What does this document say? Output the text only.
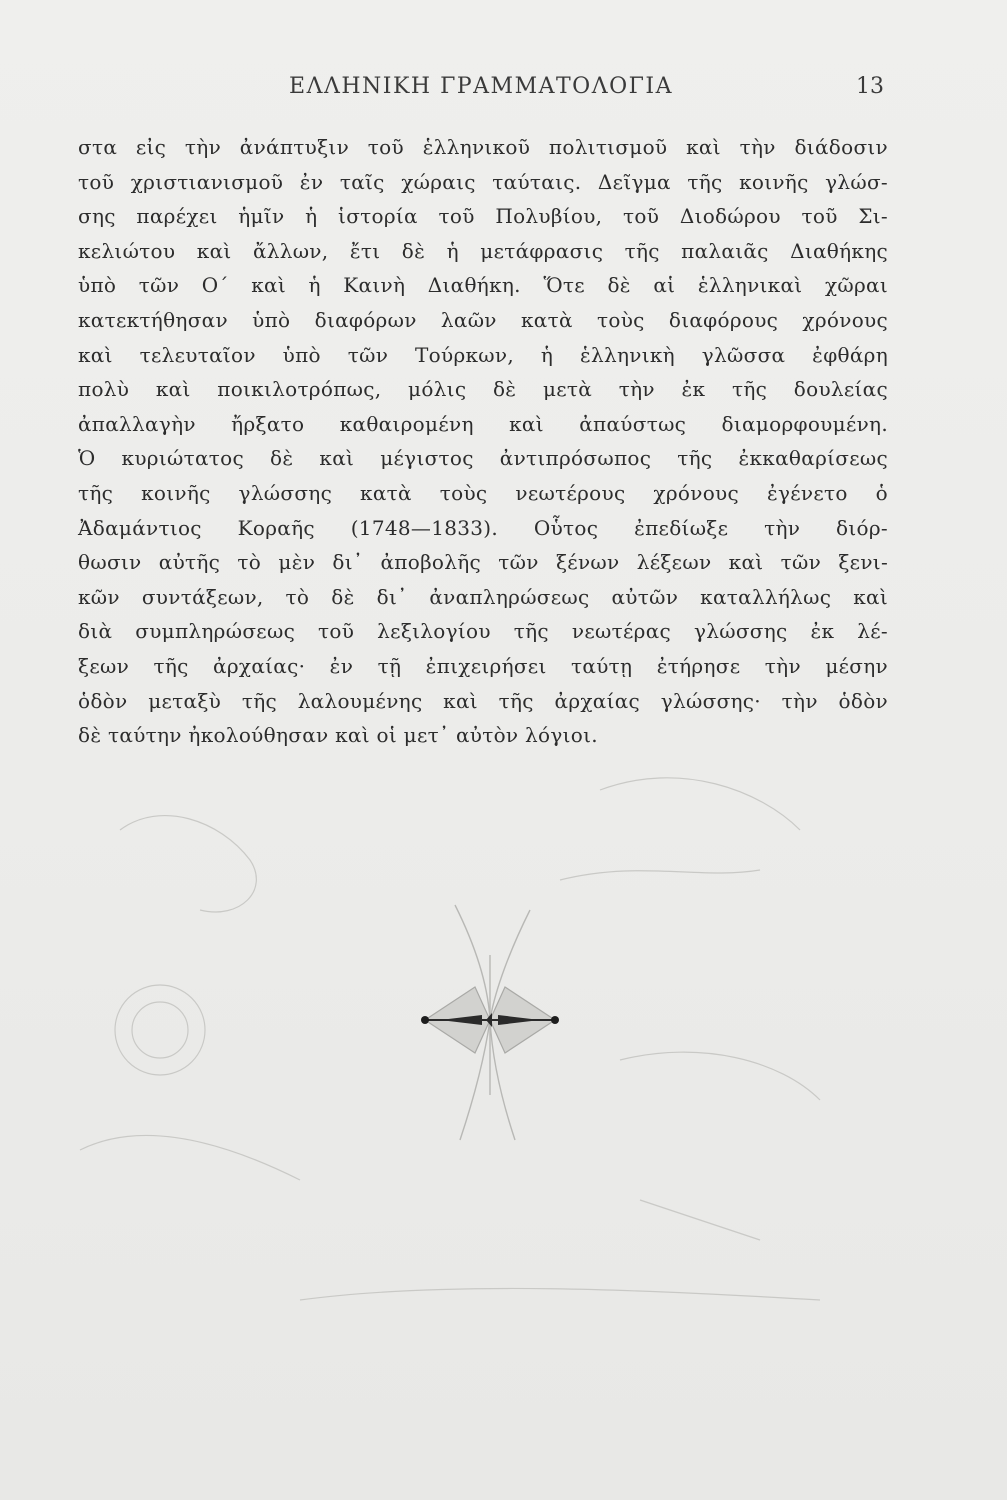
ΕΛΛΗΝΙΚΗ ΓΡΑΜΜΑΤΟΛΟΓΙΑ	13
στα εἰς τὴν ἀνάπτυξιν τοῦ ἑλληνικοῦ πολιτισμοῦ καὶ τὴν διάδοσιν
τοῦ χριστιανισμοῦ ἐν ταῖς χώραις ταύταις. Δεῖγμα τῆς κοινῆς γλώσ-
σης παρέχει ἡμῖν ἡ ἱστορία τοῦ Πολυβίου, τοῦ Διοδώρου τοῦ Σι-
κελιώτου καὶ ἄλλων, ἔτι δὲ ἡ μετάφρασις τῆς παλαιᾶς Διαθήκης
ὑπὸ τῶν Ο΄ καὶ ἡ Καινὴ Διαθήκη. Ὅτε δὲ αἱ ἑλληνικαὶ χῶραι
κατεκτήθησαν ὑπὸ διαφόρων λαῶν κατὰ τοὺς διαφόρους χρόνους
καὶ τελευταῖον ὑπὸ τῶν Τούρκων, ἡ ἑλληνικὴ γλῶσσα ἐφθάρη
πολὺ καὶ ποικιλοτρόπως, μόλις δὲ μετὰ τὴν ἐκ τῆς δουλείας
ἀπαλλαγὴν ἤρξατο καθαιρομένη καὶ ἀπαύστως διαμορφουμένη.
Ὁ κυριώτατος δὲ καὶ μέγιστος ἀντιπρόσωπος τῆς ἐκκαθαρίσεως
τῆς κοινῆς γλώσσης κατὰ τοὺς νεωτέρους χρόνους ἐγένετο ὁ
Ἀδαμάντιος Κοραῆς (1748—1833). Οὗτος ἐπεδίωξε τὴν διόρ-
θωσιν αὐτῆς τὸ μὲν δι᾽ ἀποβολῆς τῶν ξένων λέξεων καὶ τῶν ξενι-
κῶν συντάξεων, τὸ δὲ δι᾽ ἀναπληρώσεως αὐτῶν καταλλήλως καὶ
διὰ συμπληρώσεως τοῦ λεξιλογίου τῆς νεωτέρας γλώσσης ἐκ λέ-
ξεων τῆς ἀρχαίας· ἐν τῇ ἐπιχειρήσει ταύτῃ ἐτήρησε τὴν μέσην
ὁδὸν μεταξὺ τῆς λαλουμένης καὶ τῆς ἀρχαίας γλώσσης· τὴν ὁδὸν
δὲ ταύτην ἠκολούθησαν καὶ οἱ μετ᾽ αὐτὸν λόγιοι.
